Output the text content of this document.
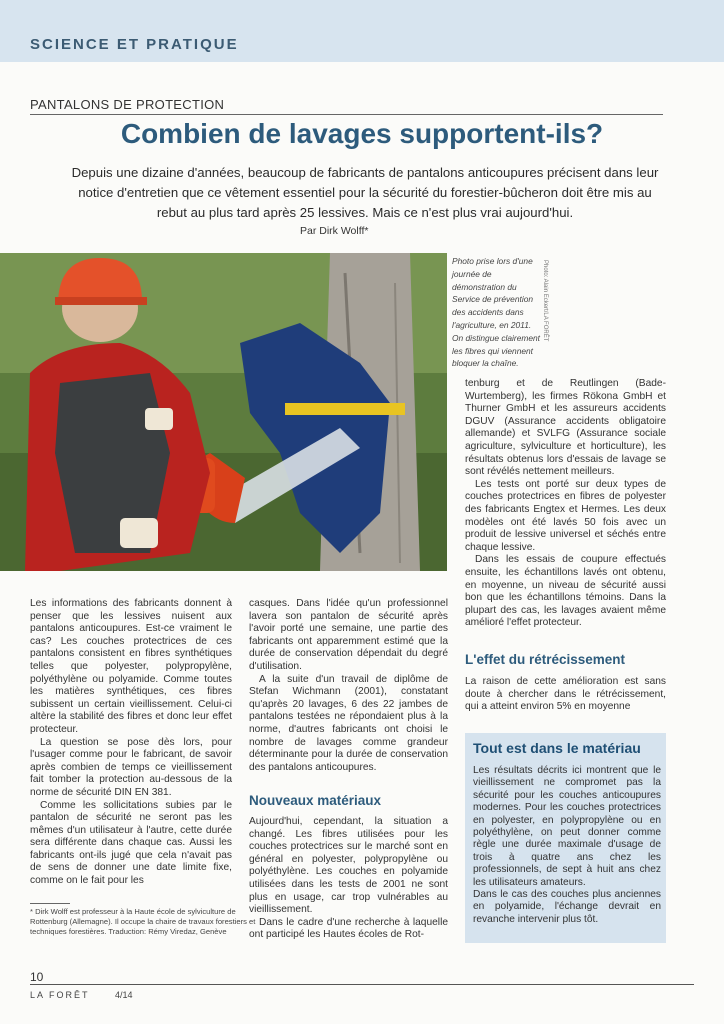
SCIENCE ET PRATIQUE
PANTALONS DE PROTECTION
Combien de lavages supportent-ils?
Depuis une dizaine d'années, beaucoup de fabricants de pantalons anticoupures précisent dans leur notice d'entretien que ce vêtement essentiel pour la sécurité du forestier-bûcheron doit être mis au rebut au plus tard après 25 lessives. Mais ce n'est plus vrai aujourd'hui.
Par Dirk Wolff*
Photo prise lors d'une journée de démonstration du Service de prévention des accidents dans l'agriculture, en 2011. On distingue clairement les fibres qui viennent bloquer la chaîne.
Photo: Alain Eckert/LA FORÊT

Les informations des fabricants donnent à penser que les lessives nuisent aux pantalons anticoupures. Est-ce vraiment le cas? Les couches protectrices de ces pantalons consistent en fibres synthétiques telles que polyester, polypropylène, polyéthylène ou polyamide. Comme toutes les matières synthétiques, ces fibres subissent un certain vieillissement. Celui-ci altère la stabilité des fibres et donc leur effet protecteur.

La question se pose dès lors, pour l'usager comme pour le fabricant, de savoir après combien de temps ce vieillissement fait tomber la protection au-dessous de la norme de sécurité DIN EN 381.

Comme les sollicitations subies par le pantalon de sécurité ne seront pas les mêmes d'un utilisateur à l'autre, cette durée sera différente dans chaque cas. Aussi les fabricants ont-ils jugé que cela n'avait pas de sens de donner une date limite fixe, comme on le fait pour les

* Dirk Wolff est professeur à la Haute école de sylviculture de Rottenburg (Allemagne). Il occupe la chaire de travaux forestiers et techniques forestières. Traduction: Rémy Viredaz, Genève

casques. Dans l'idée qu'un professionnel lavera son pantalon de sécurité après l'avoir porté une semaine, une partie des fabricants ont apparemment estimé que la durée de conservation dépendait du degré d'utilisation.

A la suite d'un travail de diplôme de Stefan Wichmann (2001), constatant qu'après 20 lavages, 6 des 22 jambes de pantalons testées ne répondaient plus à la norme, d'autres fabricants ont choisi le nombre de lavages comme grandeur déterminante pour la durée de conservation des pantalons anticoupures.

Nouveaux matériaux

Aujourd'hui, cependant, la situation a changé. Les fibres utilisées pour les couches protectrices sur le marché sont en général en polyester, polypropylène ou polyéthylène. Les couches en polyamide utilisées dans les tests de 2001 ne sont plus en usage, car trop vulnérables au vieillissement.

Dans le cadre d'une recherche à laquelle ont participé les Hautes écoles de Rot-

tenburg et de Reutlingen (Bade-Wurtemberg), les firmes Rökona GmbH et Thurner GmbH et les assureurs accidents DGUV (Assurance accidents obligatoire allemande) et SVLFG (Assurance sociale agriculture, sylviculture et horticulture), les résultats obtenus lors d'essais de lavage se sont révélés nettement meilleurs.

Les tests ont porté sur deux types de couches protectrices en fibres de polyester des fabricants Engtex et Hermes. Les deux modèles ont été lavés 50 fois avec un produit de lessive universel et séchés entre chaque lessive.

Dans les essais de coupure effectués ensuite, les échantillons lavés ont obtenu, en moyenne, un niveau de sécurité aussi bon que les échantillons témoins. Dans la plupart des cas, les lavages avaient même amélioré l'effet protecteur.

L'effet du rétrécissement

La raison de cette amélioration est sans doute à chercher dans le rétrécissement, qui a atteint environ 5% en moyenne

Tout est dans le matériau

Les résultats décrits ici montrent que le vieillissement ne compromet pas la sécurité pour les couches anticoupures modernes. Pour les couches protectrices en polyester, en polypropylène ou en polyéthylène, on peut donner comme règle une durée maximale d'usage de trois à quatre ans chez les professionnels, de sept à huit ans chez les utilisateurs amateurs.

Dans le cas des couches plus anciennes en polyamide, l'échange devrait en revanche intervenir plus tôt.

10
LA FORÊT	4/14
